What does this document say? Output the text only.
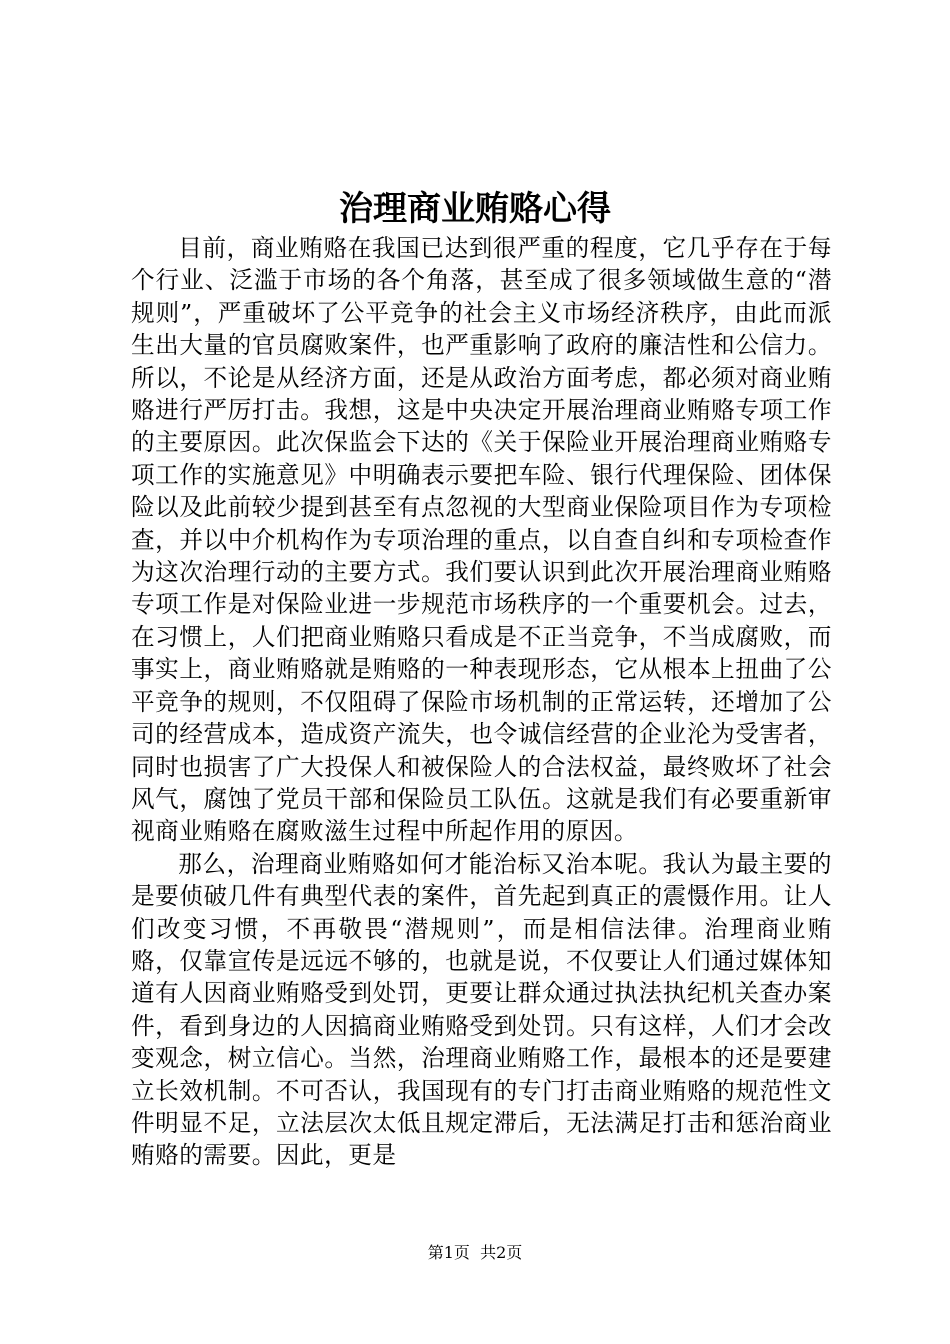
治理商业贿赂心得

目前，商业贿赂在我国已达到很严重的程度，它几乎存在于每个行业、泛滥于市场的各个角落，甚至成了很多领域做生意的“潜规则”，严重破坏了公平竞争的社会主义市场经济秩序，由此而派生出大量的官员腐败案件，也严重影响了政府的廉洁性和公信力。所以，不论是从经济方面，还是从政治方面考虑，都必须对商业贿赂进行严厉打击。我想，这是中央决定开展治理商业贿赂专项工作的主要原因。此次保监会下达的《关于保险业开展治理商业贿赂专项工作的实施意见》中明确表示要把车险、银行代理保险、团体保险以及此前较少提到甚至有点忽视的大型商业保险项目作为专项检查，并以中介机构作为专项治理的重点，以自查自纠和专项检查作为这次治理行动的主要方式。我们要认识到此次开展治理商业贿赂专项工作是对保险业进一步规范市场秩序的一个重要机会。过去，在习惯上，人们把商业贿赂只看成是不正当竞争，不当成腐败，而事实上，商业贿赂就是贿赂的一种表现形态，它从根本上扭曲了公平竞争的规则，不仅阻碍了保险市场机制的正常运转，还增加了公司的经营成本，造成资产流失，也令诚信经营的企业沦为受害者，同时也损害了广大投保人和被保险人的合法权益，最终败坏了社会风气，腐蚀了党员干部和保险员工队伍。这就是我们有必要重新审视商业贿赂在腐败滋生过程中所起作用的原因。

那么，治理商业贿赂如何才能治标又治本呢。我认为最主要的是要侦破几件有典型代表的案件，首先起到真正的震慑作用。让人们改变习惯，不再敬畏“潜规则”，而是相信法律。治理商业贿赂，仅靠宣传是远远不够的，也就是说，不仅要让人们通过媒体知道有人因商业贿赂受到处罚，更要让群众通过执法执纪机关查办案件，看到身边的人因搞商业贿赂受到处罚。只有这样，人们才会改变观念，树立信心。当然，治理商业贿赂工作，最根本的还是要建立长效机制。不可否认，我国现有的专门打击商业贿赂的规范性文件明显不足，立法层次太低且规定滞后，无法满足打击和惩治商业贿赂的需要。因此，更是

第1页 共2页
